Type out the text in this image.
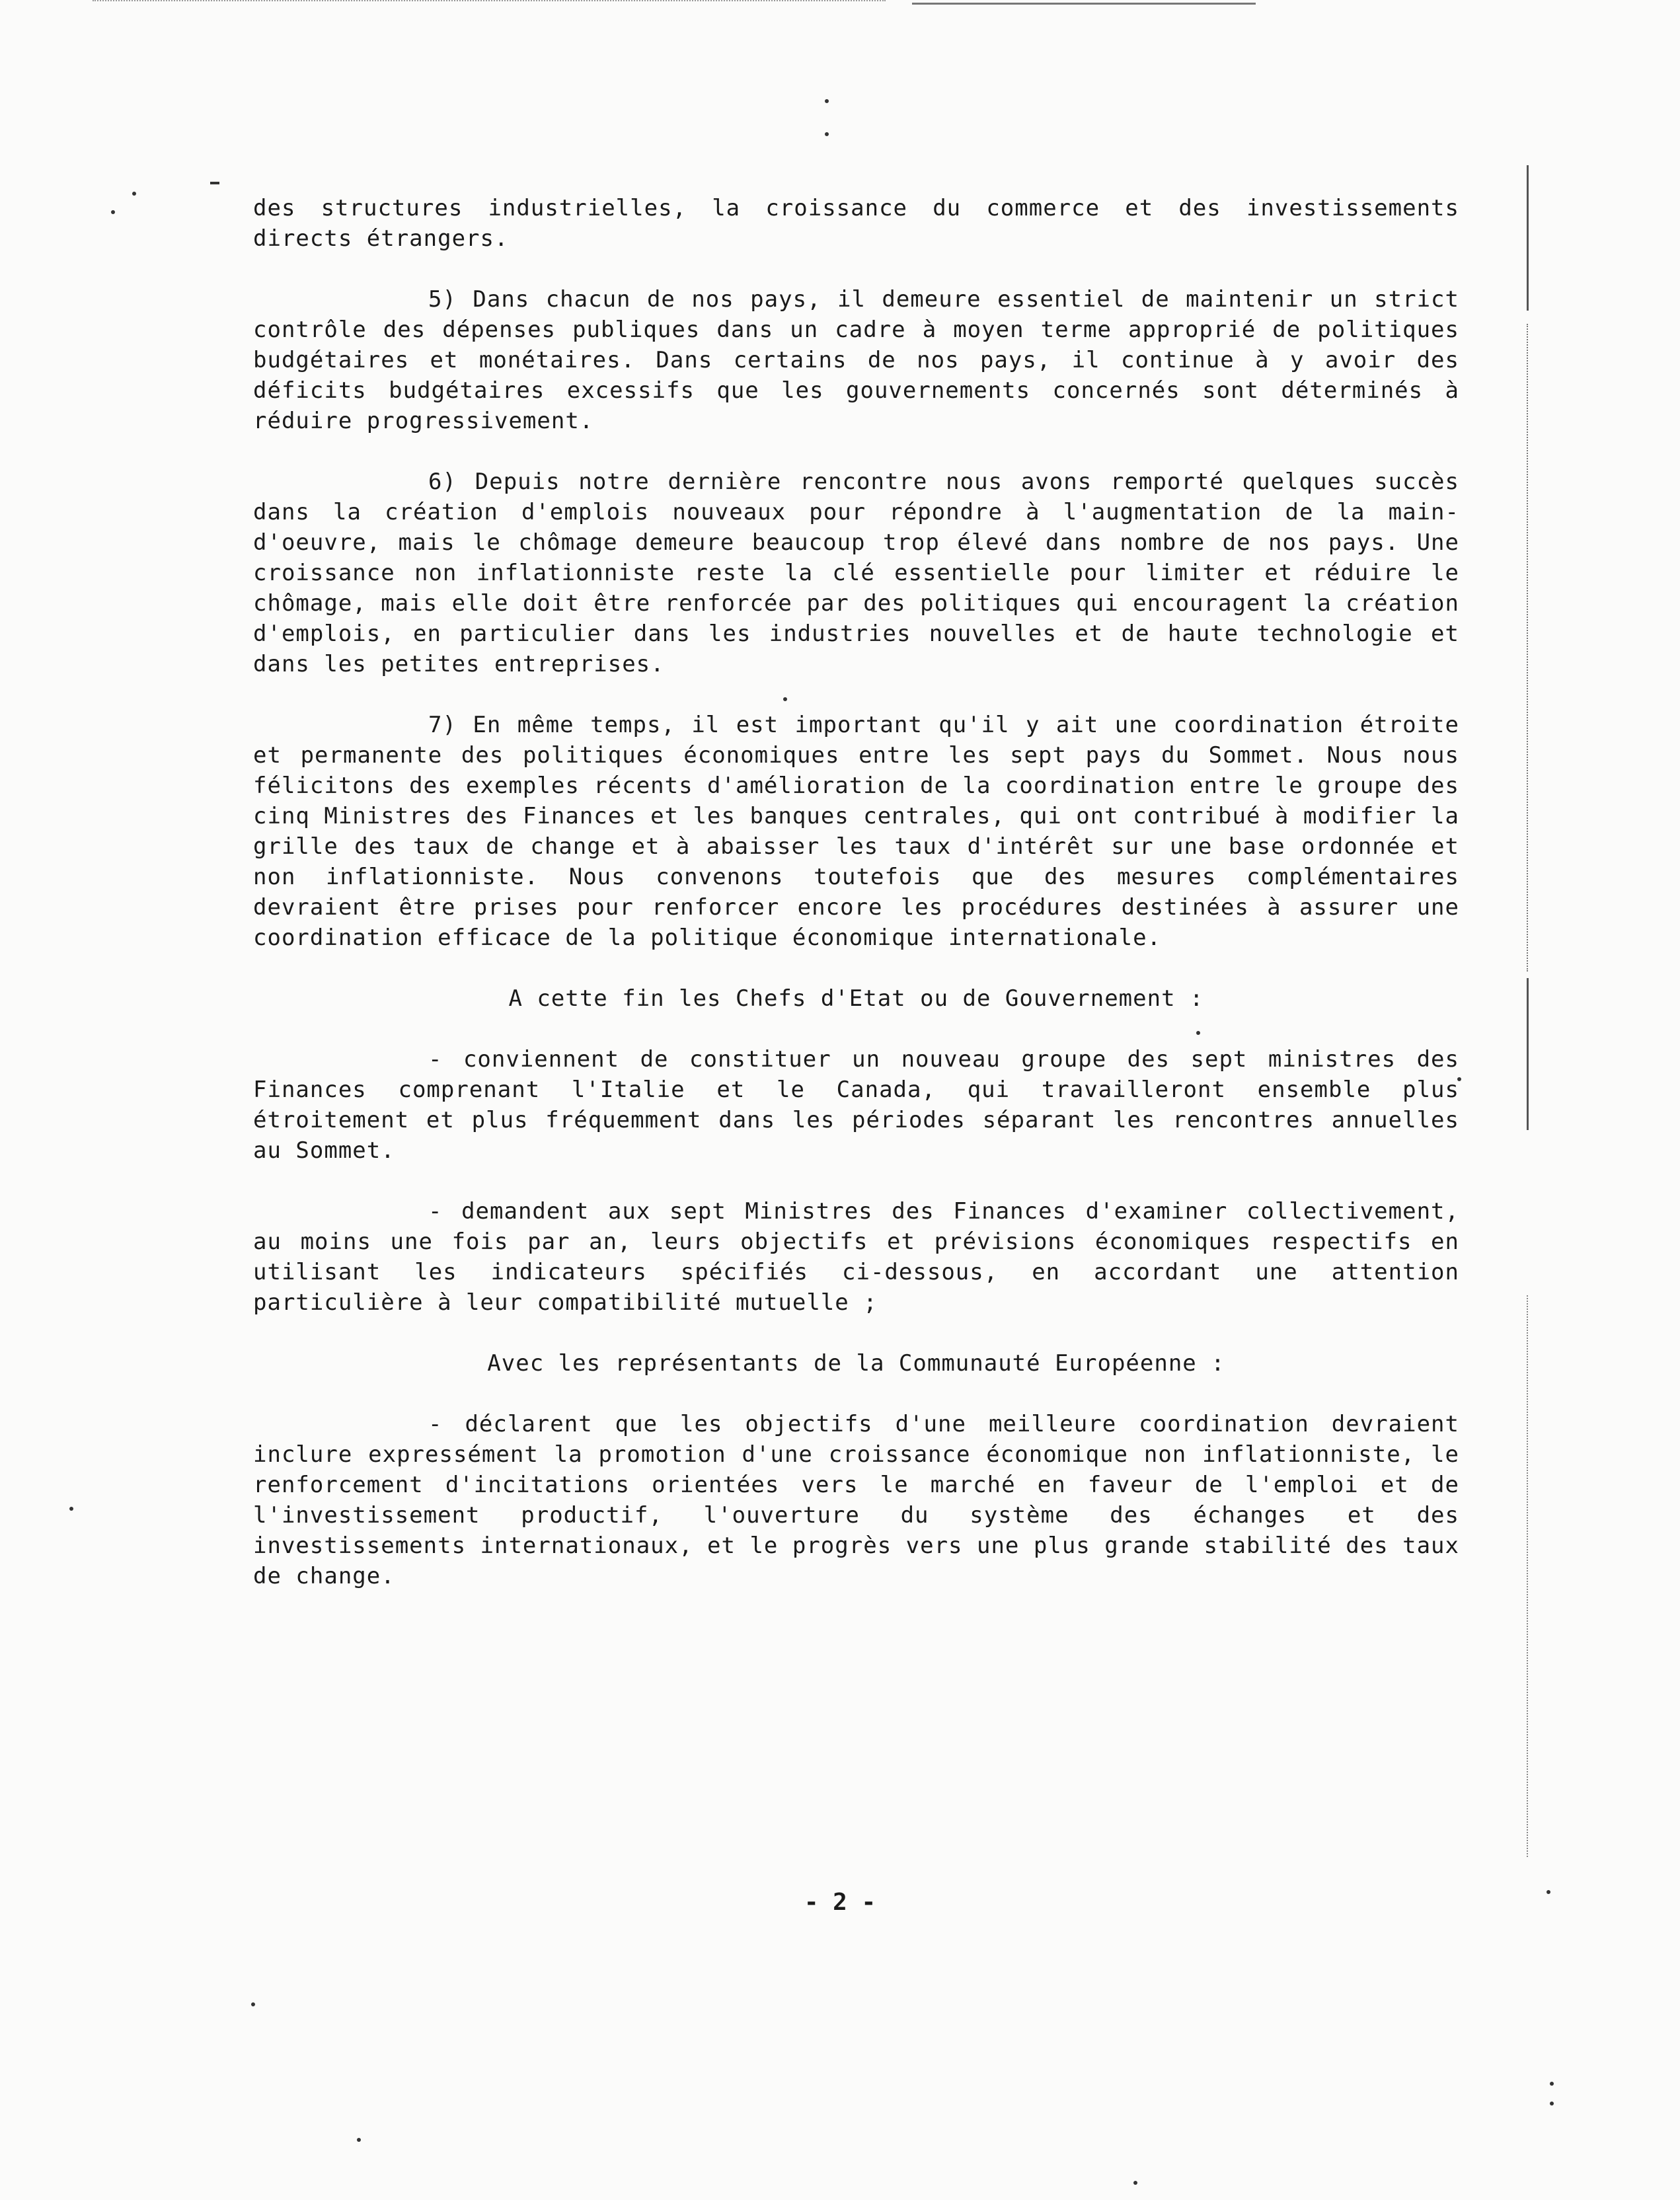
des structures industrielles, la croissance du commerce et des investissements directs étrangers.

5) Dans chacun de nos pays, il demeure essentiel de maintenir un strict contrôle des dépenses publiques dans un cadre à moyen terme approprié de politiques budgétaires et monétaires. Dans certains de nos pays, il continue à y avoir des déficits budgétaires excessifs que les gouvernements concernés sont déterminés à réduire progressivement.

6) Depuis notre dernière rencontre nous avons remporté quelques succès dans la création d'emplois nouveaux pour répondre à l'augmentation de la main-d'oeuvre, mais le chômage demeure beaucoup trop élevé dans nombre de nos pays. Une croissance non inflationniste reste la clé essentielle pour limiter et réduire le chômage, mais elle doit être renforcée par des politiques qui encouragent la création d'emplois, en particulier dans les industries nouvelles et de haute technologie et dans les petites entreprises.

7) En même temps, il est important qu'il y ait une coordination étroite et permanente des politiques économiques entre les sept pays du Sommet. Nous nous félicitons des exemples récents d'amélioration de la coordination entre le groupe des cinq Ministres des Finances et les banques centrales, qui ont contribué à modifier la grille des taux de change et à abaisser les taux d'intérêt sur une base ordonnée et non inflationniste. Nous convenons toutefois que des mesures complémentaires devraient être prises pour renforcer encore les procédures destinées à assurer une coordination efficace de la politique économique internationale.

A cette fin les Chefs d'Etat ou de Gouvernement :

- conviennent de constituer un nouveau groupe des sept ministres des Finances comprenant l'Italie et le Canada, qui travailleront ensemble plus étroitement et plus fréquemment dans les périodes séparant les rencontres annuelles au Sommet.

- demandent aux sept Ministres des Finances d'examiner collectivement, au moins une fois par an, leurs objectifs et prévisions économiques respectifs en utilisant les indicateurs spécifiés ci-dessous, en accordant une attention particulière à leur compatibilité mutuelle ;

Avec les représentants de la Communauté Européenne :

- déclarent que les objectifs d'une meilleure coordination devraient inclure expressément la promotion d'une croissance économique non inflationniste, le renforcement d'incitations orientées vers le marché en faveur de l'emploi et de l'investissement productif, l'ouverture du système des échanges et des investissements internationaux, et le progrès vers une plus grande stabilité des taux de change.

- 2 -
